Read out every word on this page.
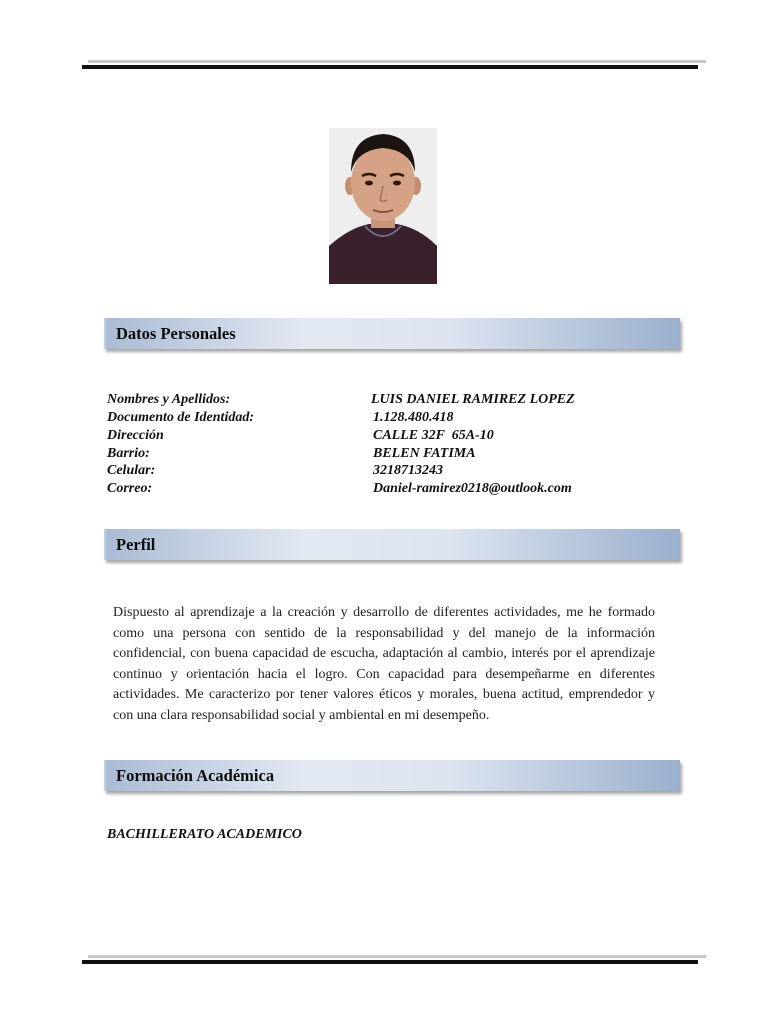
Datos Personales
Nombres y Apellidos:	LUIS DANIEL RAMIREZ LOPEZ
Documento de Identidad:	1.128.480.418
Dirección	CALLE 32F  65A-10
Barrio:	BELEN FATIMA
Celular:	3218713243
Correo:	Daniel-ramirez0218@outlook.com
Perfil
Dispuesto al aprendizaje a la creación y desarrollo de diferentes actividades, me he formado como una persona con sentido de la responsabilidad y del manejo de la información confidencial, con buena capacidad de escucha, adaptación al cambio, interés por el aprendizaje continuo y orientación hacia el logro. Con capacidad para desempeñarme en diferentes actividades. Me caracterizo por tener valores éticos y morales, buena actitud, emprendedor y con una clara responsabilidad social y ambiental en mi desempeño.
Formación Académica
BACHILLERATO ACADEMICO
